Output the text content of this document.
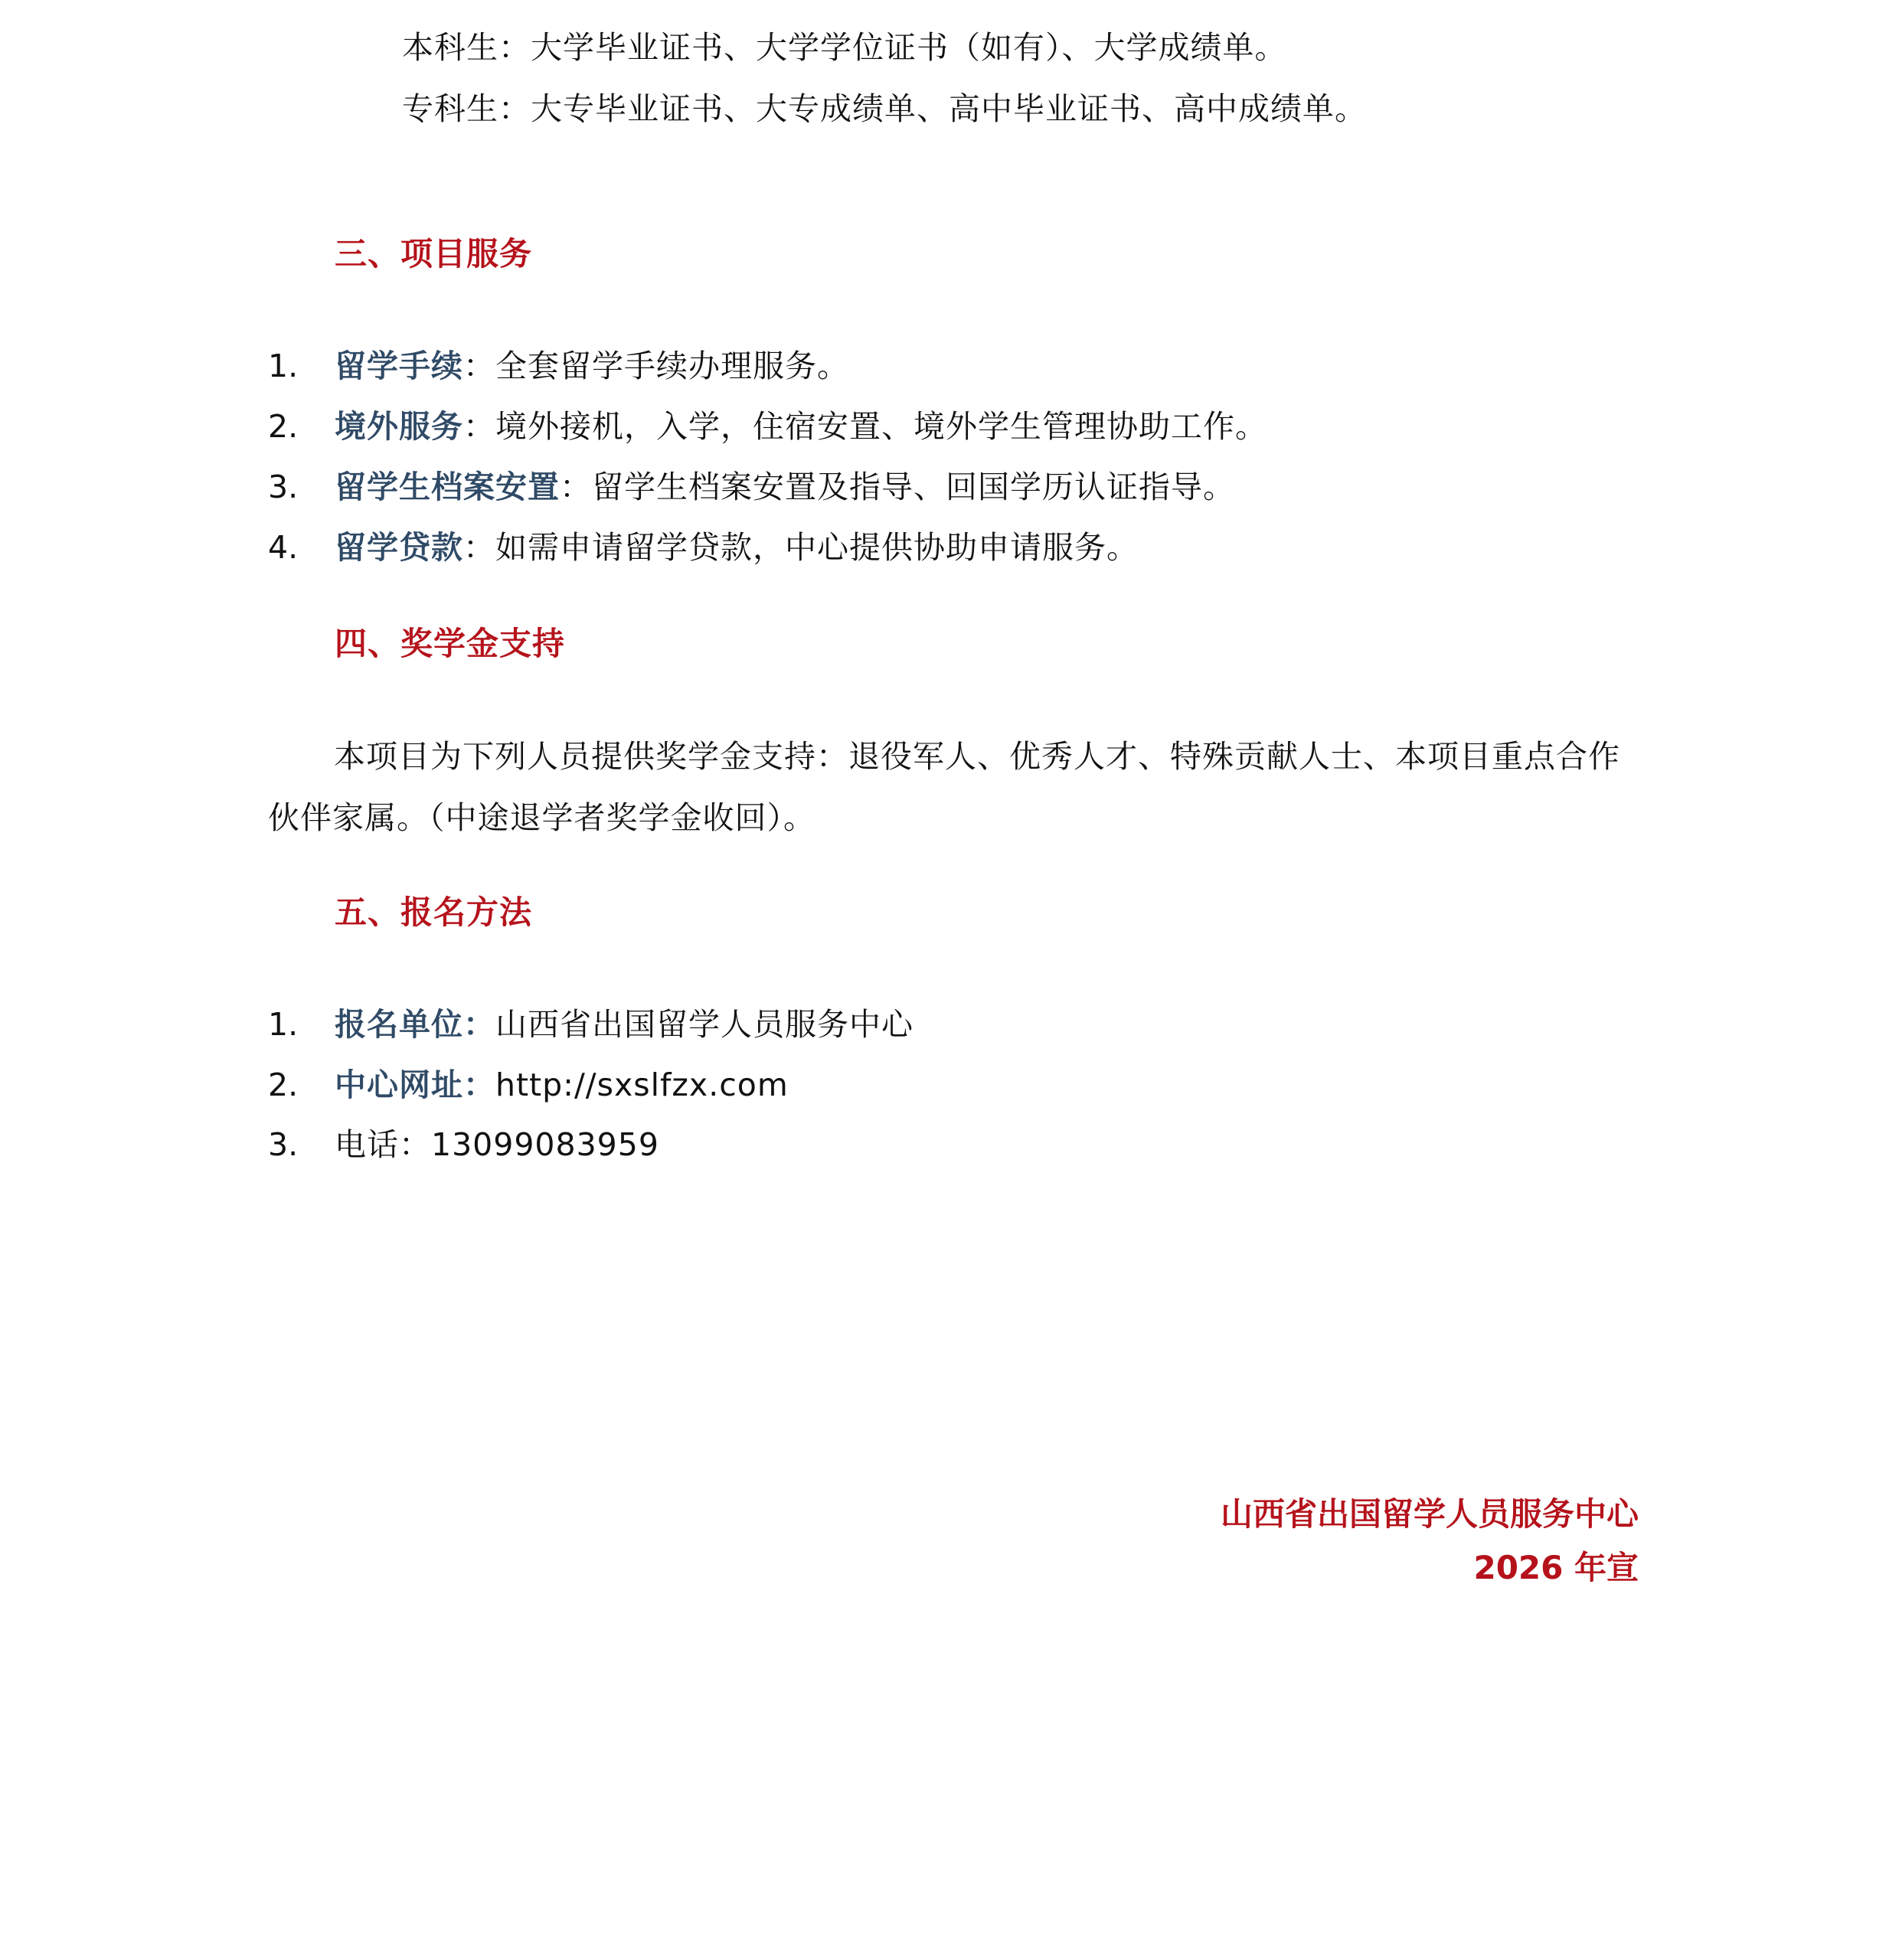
本科生：大学毕业证书、大学学位证书（如有）、大学成绩单。
专科生：大专毕业证书、大专成绩单、高中毕业证书、高中成绩单。
三、项目服务
1. 留学手续：全套留学手续办理服务。
2. 境外服务：境外接机，入学，住宿安置、境外学生管理协助工作。
3. 留学生档案安置：留学生档案安置及指导、回国学历认证指导。
4. 留学贷款：如需申请留学贷款，中心提供协助申请服务。
四、奖学金支持
本项目为下列人员提供奖学金支持：退役军人、优秀人才、特殊贡献人士、本项目重点合作伙伴家属。（中途退学者奖学金收回）。
五、报名方法
1. 报名单位：山西省出国留学人员服务中心
2. 中心网址：http://sxslfzx.com
3. 电话：13099083959
山西省出国留学人员服务中心
2026 年宣
